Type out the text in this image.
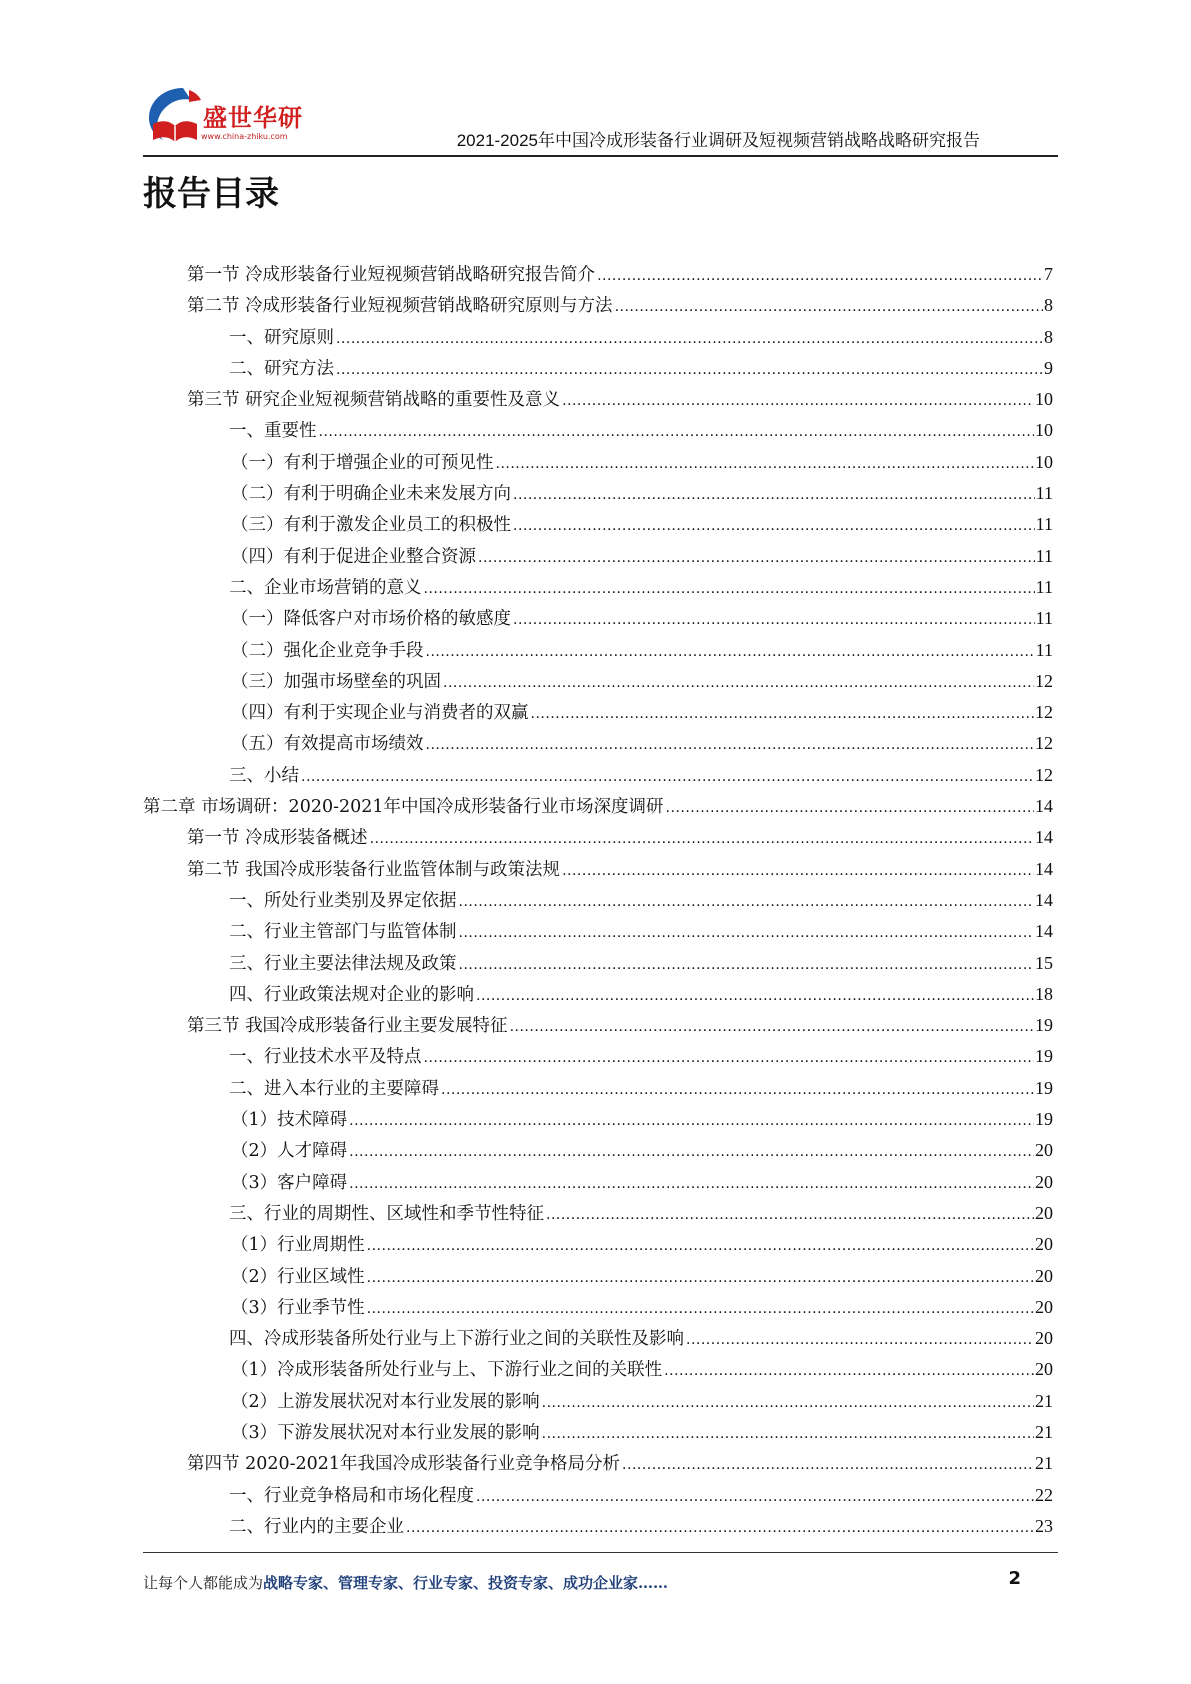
盛世华研
www.china-zhiku.com	2021-2025年中国冷成形装备行业调研及短视频营销战略战略研究报告
报告目录
第一节 冷成形装备行业短视频营销战略研究报告简介 .....	7
第二节 冷成形装备行业短视频营销战略研究原则与方法 .....	8
一、研究原则 .....	8
二、研究方法 .....	9
第三节 研究企业短视频营销战略的重要性及意义 .....	10
一、重要性 .....	10
（一）有利于增强企业的可预见性 .....	10
（二）有利于明确企业未来发展方向 .....	11
（三）有利于激发企业员工的积极性 .....	11
（四）有利于促进企业整合资源 .....	11
二、企业市场营销的意义 .....	11
（一）降低客户对市场价格的敏感度 .....	11
（二）强化企业竞争手段 .....	11
（三）加强市场壁垒的巩固 .....	12
（四）有利于实现企业与消费者的双赢 .....	12
（五）有效提高市场绩效 .....	12
三、小结 .....	12
第二章 市场调研：2020-2021年中国冷成形装备行业市场深度调研 .....	14
第一节 冷成形装备概述 .....	14
第二节 我国冷成形装备行业监管体制与政策法规 .....	14
一、所处行业类别及界定依据 .....	14
二、行业主管部门与监管体制 .....	14
三、行业主要法律法规及政策 .....	15
四、行业政策法规对企业的影响 .....	18
第三节 我国冷成形装备行业主要发展特征 .....	19
一、行业技术水平及特点 .....	19
二、进入本行业的主要障碍 .....	19
（1）技术障碍 .....	19
（2）人才障碍 .....	20
（3）客户障碍 .....	20
三、行业的周期性、区域性和季节性特征 .....	20
（1）行业周期性 .....	20
（2）行业区域性 .....	20
（3）行业季节性 .....	20
四、冷成形装备所处行业与上下游行业之间的关联性及影响 .....	20
（1）冷成形装备所处行业与上、下游行业之间的关联性 .....	20
（2）上游发展状况对本行业发展的影响 .....	21
（3）下游发展状况对本行业发展的影响 .....	21
第四节 2020-2021年我国冷成形装备行业竞争格局分析 .....	21
一、行业竞争格局和市场化程度 .....	22
二、行业内的主要企业 .....	23
让每个人都能成为战略专家、管理专家、行业专家、投资专家、成功企业家……	2
